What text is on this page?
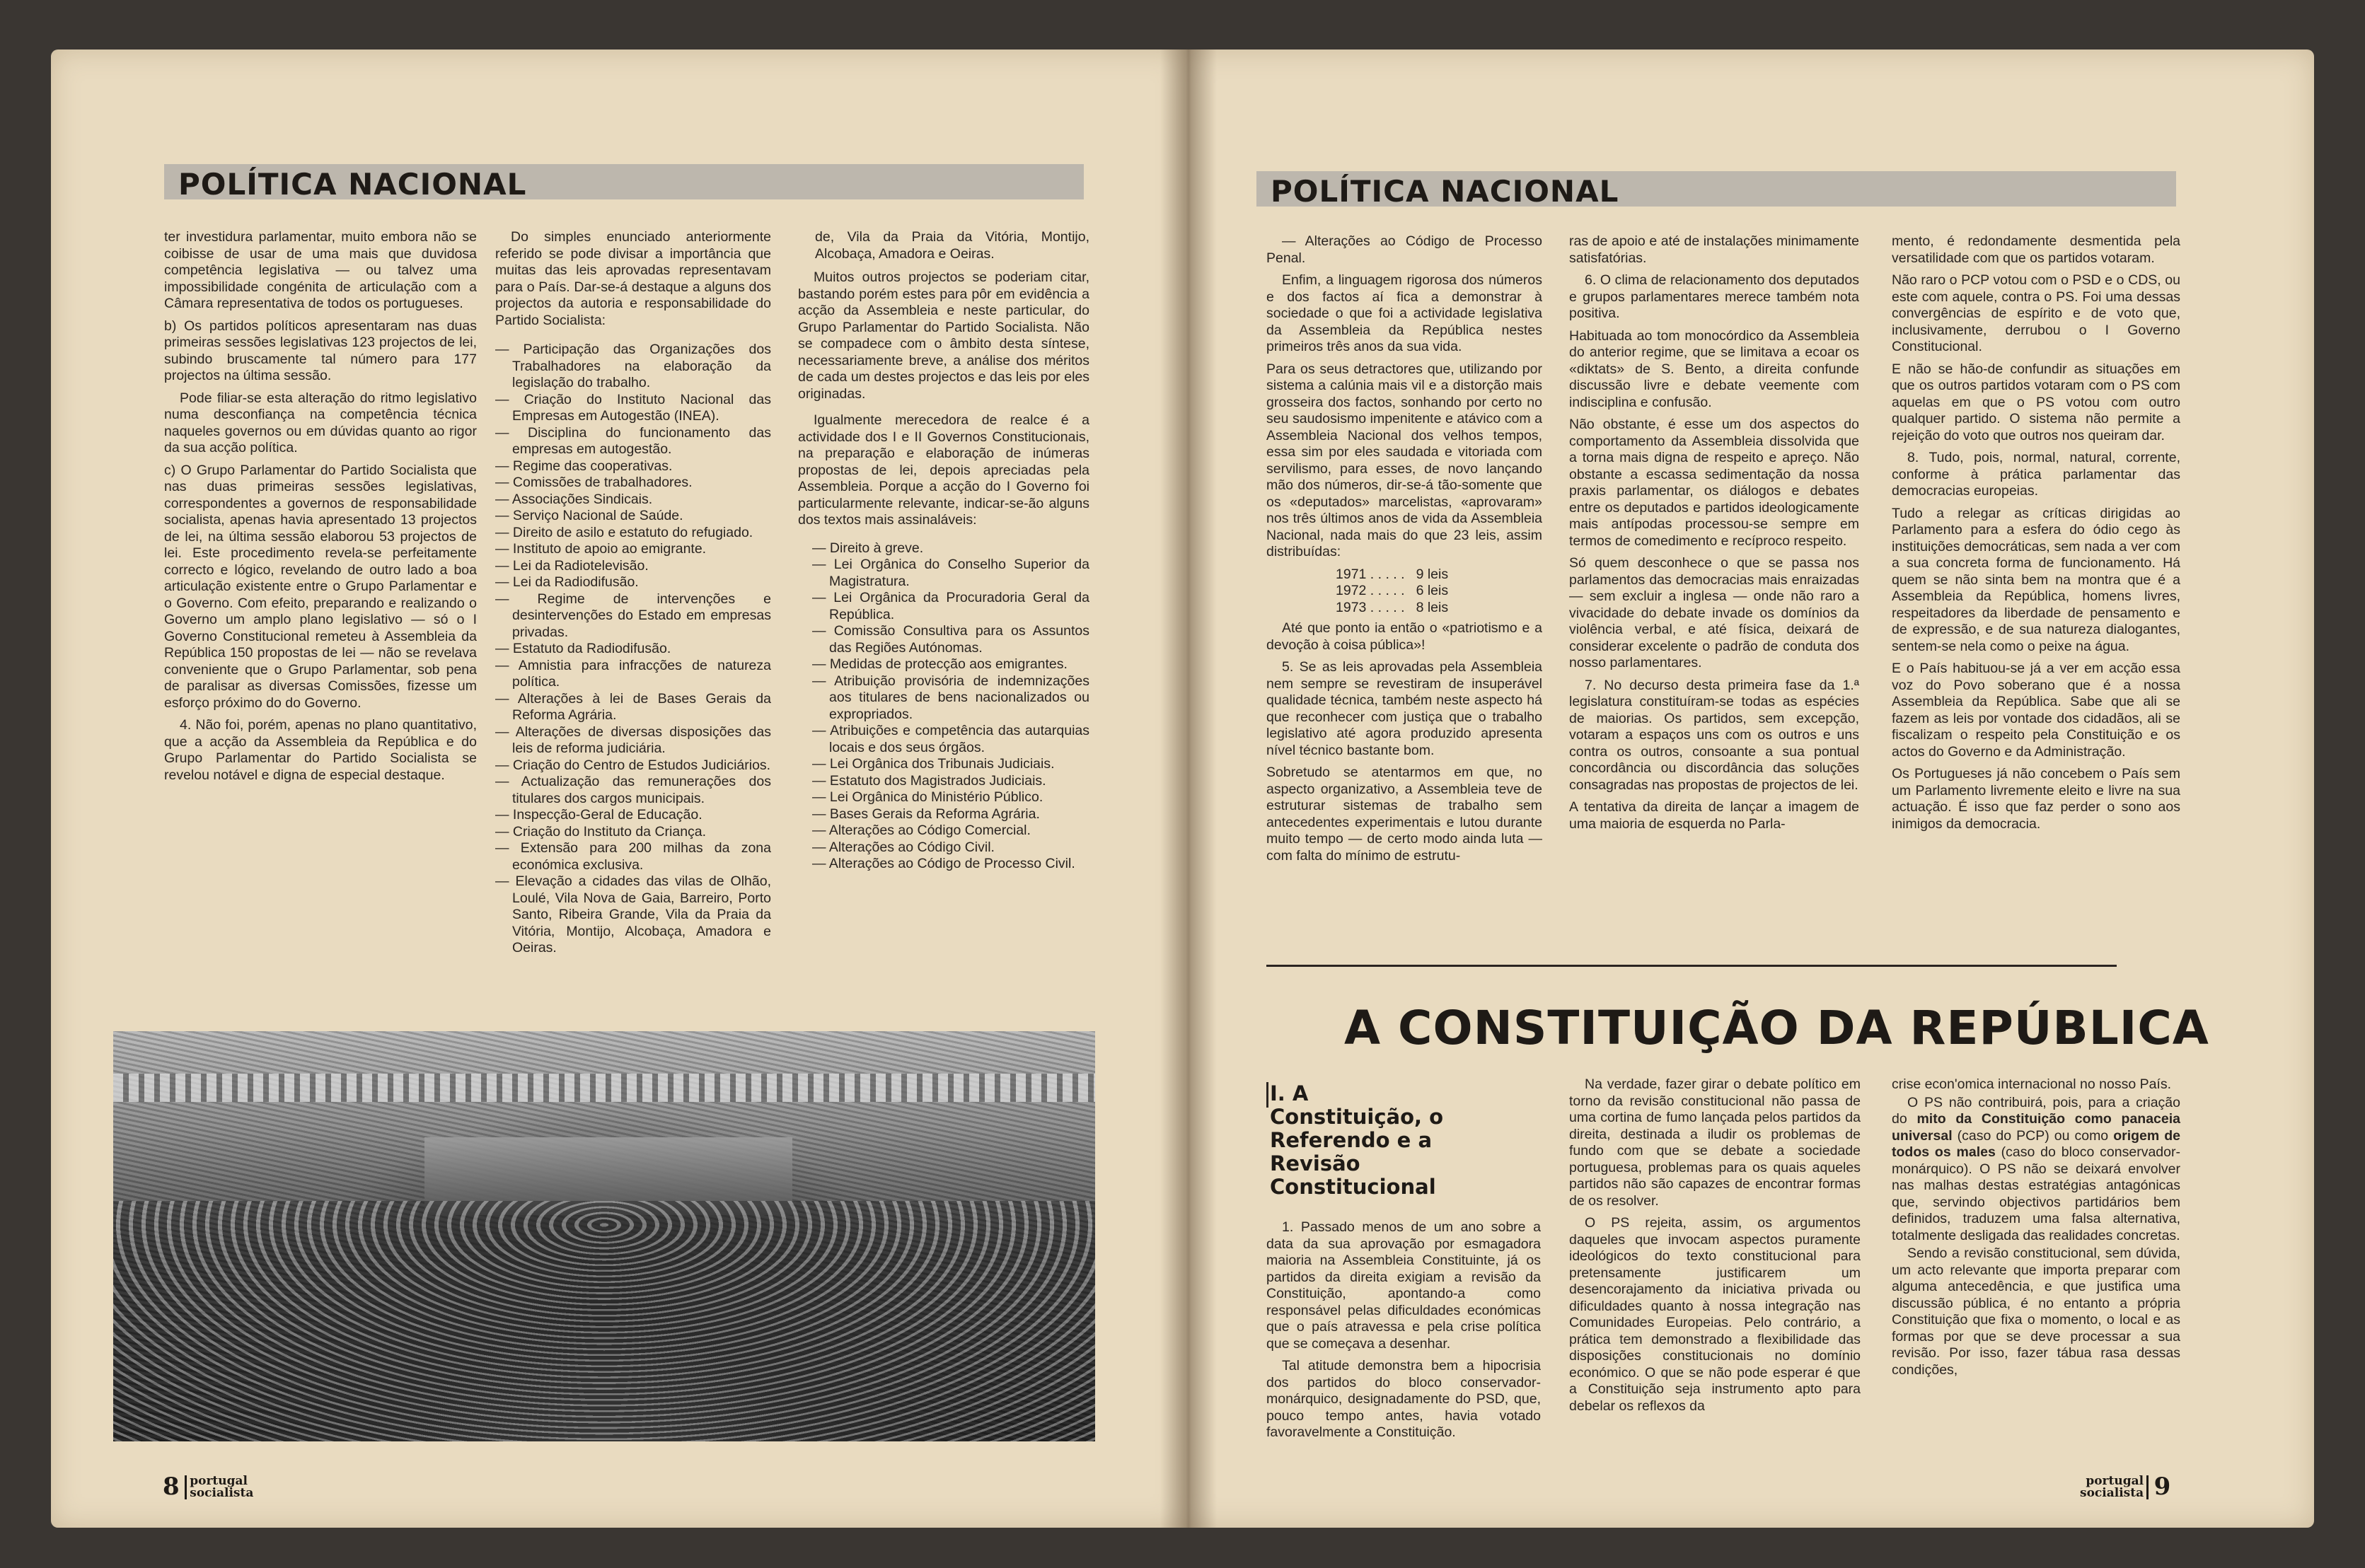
POLÍTICA NACIONAL

ter investidura parlamentar, muito embora não se coibisse de usar de uma mais que duvidosa competência legislativa — ou talvez uma impossibilidade congénita de articulação com a Câmara representativa de todos os portugueses.

b) Os partidos políticos apresentaram nas duas primeiras sessões legislativas 123 projectos de lei, subindo bruscamente tal número para 177 projectos na última sessão.

Pode filiar-se esta alteração do ritmo legislativo numa desconfiança na competência técnica naqueles governos ou em dúvidas quanto ao rigor da sua acção política.

c) O Grupo Parlamentar do Partido Socialista que nas duas primeiras sessões legislativas, correspondentes a governos de responsabilidade socialista, apenas havia apresentado 13 projectos de lei, na última sessão elaborou 53 projectos de lei. Este procedimento revela-se perfeitamente correcto e lógico, revelando de outro lado a boa articulação existente entre o Grupo Parlamentar e o Governo. Com efeito, preparando e realizando o Governo um amplo plano legislativo — só o I Governo Constitucional remeteu à Assembleia da República 150 propostas de lei — não se revelava conveniente que o Grupo Parlamentar, sob pena de paralisar as diversas Comissões, fizesse um esforço próximo do do Governo.

4. Não foi, porém, apenas no plano quantitativo, que a acção da Assembleia da República e do Grupo Parlamentar do Partido Socialista se revelou notável e digna de especial destaque.

Do simples enunciado anteriormente referido se pode divisar a importância que muitas das leis aprovadas representavam para o País. Dar-se-á destaque a alguns dos projectos da autoria e responsabilidade do Partido Socialista:

— Participação das Organizações dos Trabalhadores na elaboração da legislação do trabalho.
— Criação do Instituto Nacional das Empresas em Autogestão (INEA).
— Disciplina do funcionamento das empresas em autogestão.
— Regime das cooperativas.
— Comissões de trabalhadores.
— Associações Sindicais.
— Serviço Nacional de Saúde.
— Direito de asilo e estatuto do refugiado.
— Instituto de apoio ao emigrante.
— Lei da Radiotelevisão.
— Lei da Radiodifusão.
— Regime de intervenções e desintervenções do Estado em empresas privadas.
— Estatuto da Radiodifusão.
— Amnistia para infracções de natureza política.
— Alterações à lei de Bases Gerais da Reforma Agrária.
— Alterações de diversas disposições das leis de reforma judiciária.
— Criação do Centro de Estudos Judiciários.
— Actualização das remunerações dos titulares dos cargos municipais.
— Inspecção-Geral de Educação.
— Criação do Instituto da Criança.
— Extensão para 200 milhas da zona económica exclusiva.
— Elevação a cidades das vilas de Olhão, Loulé, Vila Nova de Gaia, Barreiro, Porto Santo, Ribeira Grande, Vila da Praia da Vitória, Montijo, Alcobaça, Amadora e Oeiras.

de, Vila da Praia da Vitória, Montijo, Alcobaça, Amadora e Oeiras.

Muitos outros projectos se poderiam citar, bastando porém estes para pôr em evidência a acção da Assembleia e neste particular, do Grupo Parlamentar do Partido Socialista. Não se compadece com o âmbito desta síntese, necessariamente breve, a análise dos méritos de cada um destes projectos e das leis por eles originadas.

Igualmente merecedora de realce é a actividade dos I e II Governos Constitucionais, na preparação e elaboração de inúmeras propostas de lei, depois apreciadas pela Assembleia. Porque a acção do I Governo foi particularmente relevante, indicar-se-ão alguns dos textos mais assinaláveis:

— Direito à greve.
— Lei Orgânica do Conselho Superior da Magistratura.
— Lei Orgânica da Procuradoria Geral da República.
— Comissão Consultiva para os Assuntos das Regiões Autónomas.
— Medidas de protecção aos emigrantes.
— Atribuição provisória de indemnizações aos titulares de bens nacionalizados ou expropriados.
— Atribuições e competência das autarquias locais e dos seus órgãos.
— Lei Orgânica dos Tribunais Judiciais.
— Estatuto dos Magistrados Judiciais.
— Lei Orgânica do Ministério Público.
— Bases Gerais da Reforma Agrária.
— Alterações ao Código Comercial.
— Alterações ao Código Civil.
— Alterações ao Código de Processo Civil.
8 portugal
socialista
POLÍTICA NACIONAL

— Alterações ao Código de Processo Penal.

Enfim, a linguagem rigorosa dos números e dos factos aí fica a demonstrar à sociedade o que foi a actividade legislativa da Assembleia da República nestes primeiros três anos da sua vida.

Para os seus detractores que, utilizando por sistema a calúnia mais vil e a distorção mais grosseira dos factos, sonhando por certo no seu saudosismo impenitente e atávico com a Assembleia Nacional dos velhos tempos, essa sim por eles saudada e vitoriada com servilismo, para esses, de novo lançando mão dos números, dir-se-á tão-somente que os «deputados» marcelistas, «aprovaram» nos três últimos anos de vida da Assembleia Nacional, nada mais do que 23 leis, assim distribuídas:

1971 . . . . .	9 leis
1972 . . . . .	6 leis
1973 . . . . .	8 leis

Até que ponto ia então o «patriotismo e a devoção à coisa pública»!

5. Se as leis aprovadas pela Assembleia nem sempre se revestiram de insuperável qualidade técnica, também neste aspecto há que reconhecer com justiça que o trabalho legislativo até agora produzido apresenta nível técnico bastante bom.

Sobretudo se atentarmos em que, no aspecto organizativo, a Assembleia teve de estruturar sistemas de trabalho sem antecedentes experimentais e lutou durante muito tempo — de certo modo ainda luta — com falta do mínimo de estrutu-

ras de apoio e até de instalações minimamente satisfatórias.

6. O clima de relacionamento dos deputados e grupos parlamentares merece também nota positiva.

Habituada ao tom monocórdico da Assembleia do anterior regime, que se limitava a ecoar os «diktats» de S. Bento, a direita confunde discussão livre e debate veemente com indisciplina e confusão.

Não obstante, é esse um dos aspectos do comportamento da Assembleia dissolvida que a torna mais digna de respeito e apreço. Não obstante a escassa sedimentação da nossa praxis parlamentar, os diálogos e debates entre os deputados e partidos ideologicamente mais antípodas processou-se sempre em termos de comedimento e recíproco respeito.

Só quem desconhece o que se passa nos parlamentos das democracias mais enraizadas — sem excluir a inglesa — onde não raro a vivacidade do debate invade os domínios da violência verbal, e até física, deixará de considerar excelente o padrão de conduta dos nosso parlamentares.

7. No decurso desta primeira fase da 1.ª legislatura constituíram-se todas as espécies de maiorias. Os partidos, sem excepção, votaram a espaços uns com os outros e uns contra os outros, consoante a sua pontual concordância ou discordância das soluções consagradas nas propostas de projectos de lei.

A tentativa da direita de lançar a imagem de uma maioria de esquerda no Parla-

mento, é redondamente desmentida pela versatilidade com que os partidos votaram.

Não raro o PCP votou com o PSD e o CDS, ou este com aquele, contra o PS. Foi uma dessas convergências de espírito e de voto que, inclusivamente, derrubou o I Governo Constitucional.

E não se hão-de confundir as situações em que os outros partidos votaram com o PS com aquelas em que o PS votou com outro qualquer partido. O sistema não permite a rejeição do voto que outros nos queiram dar.

8. Tudo, pois, normal, natural, corrente, conforme à prática parlamentar das democracias europeias.

Tudo a relegar as críticas dirigidas ao Parlamento para a esfera do ódio cego às instituições democráticas, sem nada a ver com a sua concreta forma de funcionamento. Há quem se não sinta bem na montra que é a Assembleia da República, homens livres, respeitadores da liberdade de pensamento e de expressão, e de sua natureza dialogantes, sentem-se nela como o peixe na água.

E o País habituou-se já a ver em acção essa voz do Povo soberano que é a nossa Assembleia da República. Sabe que ali se fazem as leis por vontade dos cidadãos, ali se fiscalizam o respeito pela Constituição e os actos do Governo e da Administração.

Os Portugueses já não concebem o País sem um Parlamento livremente eleito e livre na sua actuação. É isso que faz perder o sono aos inimigos da democracia.

A CONSTITUIÇÃO DA REPÚBLICA
I. A Constituição, o Referendo e a Revisão Constitucional

1. Passado menos de um ano sobre a data da sua aprovação por esmagadora maioria na Assembleia Constituinte, já os partidos da direita exigiam a revisão da Constituição, apontando-a como responsável pelas dificuldades económicas que o país atravessa e pela crise política que se começava a desenhar.

Tal atitude demonstra bem a hipocrisia dos partidos do bloco conservador-monárquico, designadamente do PSD, que, pouco tempo antes, havia votado favoravelmente a Constituição.

Na verdade, fazer girar o debate político em torno da revisão constitucional não passa de uma cortina de fumo lançada pelos partidos da direita, destinada a iludir os problemas de fundo com que se debate a sociedade portuguesa, problemas para os quais aqueles partidos não são capazes de encontrar formas de os resolver.

O PS rejeita, assim, os argumentos daqueles que invocam aspectos puramente ideológicos do texto constitucional para pretensamente justificarem um desencorajamento da iniciativa privada ou dificuldades quanto à nossa integração nas Comunidades Europeias. Pelo contrário, a prática tem demonstrado a flexibilidade das disposições constitucionais no domínio económico. O que se não pode esperar é que a Constituição seja instrumento apto para debelar os reflexos da

crise econ'omica internacional no nosso País.

O PS não contribuirá, pois, para a criação do mito da Constituição como panaceia universal (caso do PCP) ou como origem de todos os males (caso do bloco conservador-monárquico). O PS não se deixará envolver nas malhas destas estratégias antagónicas que, servindo objectivos partidários bem definidos, traduzem uma falsa alternativa, totalmente desligada das realidades concretas.

Sendo a revisão constitucional, sem dúvida, um acto relevante que importa preparar com alguma antecedência, e que justifica uma discussão pública, é no entanto a própria Constituição que fixa o momento, o local e as formas por que se deve processar a sua revisão. Por isso, fazer tábua rasa dessas condições,

portugal
socialista 9
